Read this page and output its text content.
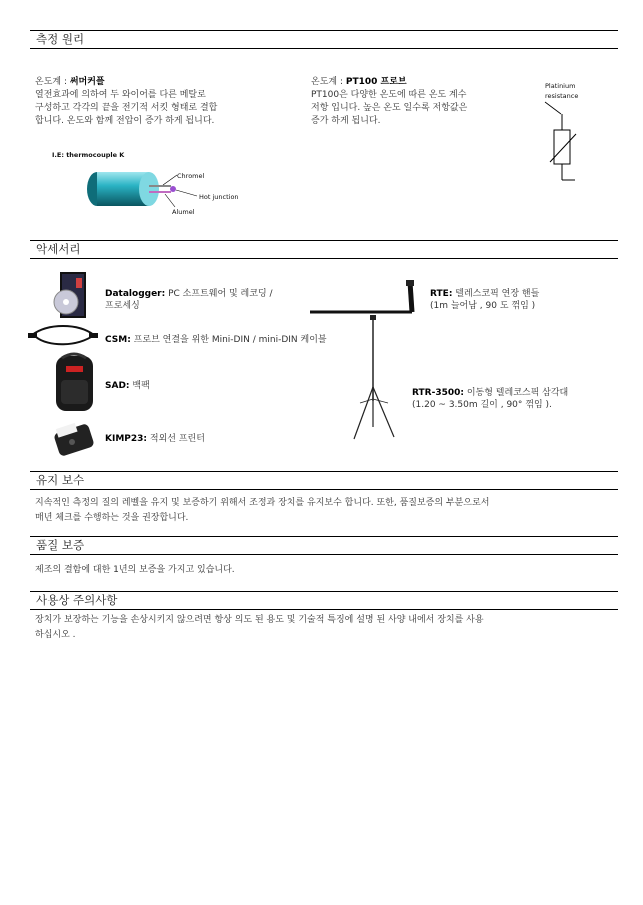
측정 원리
온도계 : 써머커플
열전효과에 의하여 두 와이어를 다른 메탈로
구성하고 각각의 끝을 전기적 서킷 형태로 결합
합니다. 온도와 함께 전압이 증가 하게 됩니다.
I.E: thermocouple K
Chromel
Hot junction
Alumel
온도계 : PT100 프로브
PT100은 다양한 온도에 따른 온도 계수
저항 입니다. 높은 온도 일수록 저항값은
증가 하게 됩니다.
Platinium
resistance
악세서리
Datalogger: PC 소프트웨어 및 레코딩 /
프로세싱
CSM: 프로브 연결을 위한 Mini-DIN / mini-DIN 케이블
SAD: 백팩
KIMP23: 적외선 프린터
RTE: 텔레스코픽 연장 핸들
(1m 늘어남 , 90 도 꺾임 )
RTR-3500: 이동형 텔레코스픽 삼각대
(1.20 ~ 3.50m 길이 , 90° 꺾임 ).
유지 보수
지속적인 측정의 질의 레벨을 유지 및 보증하기 위해서 조정과 장치를 유지보수 합니다. 또한, 품질보증의 부분으로서
매년 체크를 수행하는 것을 권장합니다.
품질 보증
제조의 결함에 대한 1년의 보증을 가지고 있습니다.
사용상 주의사항
장치가 보장하는 기능을 손상시키지 않으려면 항상 의도 된 용도 및 기술적 특징에 설명 된 사양 내에서 장치를 사용
하십시오 .
